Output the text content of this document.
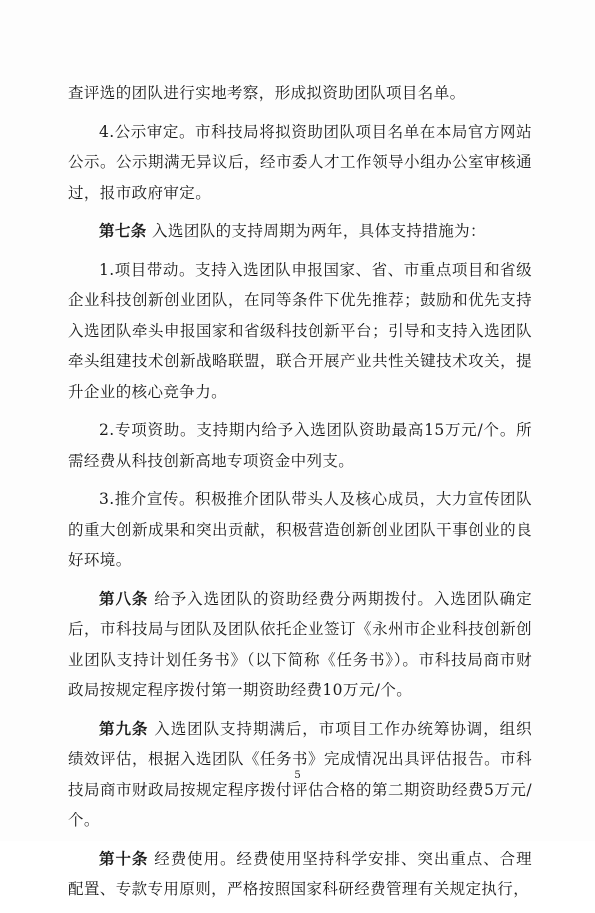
查评选的团队进行实地考察，形成拟资助团队项目名单。

4.公示审定。市科技局将拟资助团队项目名单在本局官方网站公示。公示期满无异议后，经市委人才工作领导小组办公室审核通过，报市政府审定。

第七条 入选团队的支持周期为两年，具体支持措施为：

1.项目带动。支持入选团队申报国家、省、市重点项目和省级企业科技创新创业团队，在同等条件下优先推荐；鼓励和优先支持入选团队牵头申报国家和省级科技创新平台；引导和支持入选团队牵头组建技术创新战略联盟，联合开展产业共性关键技术攻关，提升企业的核心竞争力。

2.专项资助。支持期内给予入选团队资助最高15万元/个。所需经费从科技创新高地专项资金中列支。

3.推介宣传。积极推介团队带头人及核心成员，大力宣传团队的重大创新成果和突出贡献，积极营造创新创业团队干事创业的良好环境。

第八条 给予入选团队的资助经费分两期拨付。入选团队确定后，市科技局与团队及团队依托企业签订《永州市企业科技创新创业团队支持计划任务书》（以下简称《任务书》）。市科技局商市财政局按规定程序拨付第一期资助经费10万元/个。

第九条 入选团队支持期满后，市项目工作办统筹协调，组织绩效评估，根据入选团队《任务书》完成情况出具评估报告。市科技局商市财政局按规定程序拨付评估合格的第二期资助经费5万元/个。

第十条 经费使用。经费使用坚持科学安排、突出重点、合理配置、专款专用原则，严格按照国家科研经费管理有关规定执行，

5
